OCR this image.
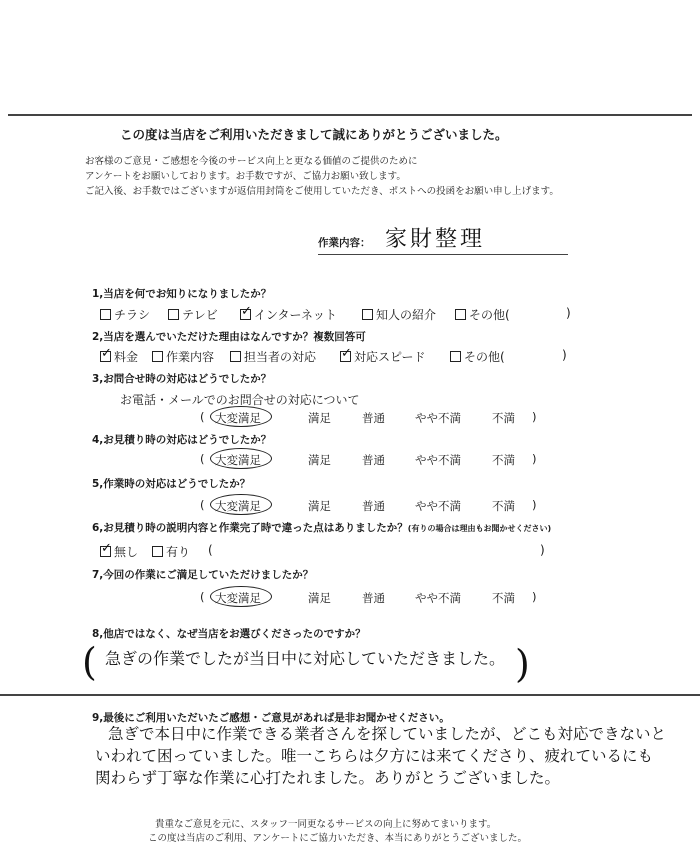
この度は当店をご利用いただきまして誠にありがとうございました。
お客様のご意見・ご感想を今後のサービス向上と更なる価値のご提供のために
アンケートをお願いしております。お手数ですが、ご協力お願い致します。
ご記入後、お手数ではございますが返信用封筒をご使用していただき、ポストへの投函をお願い申し上げます。
作業内容： 家財整理
1,当店を何でお知りになりましたか？
チラシ	テレビ ✓	インターネット	知人の紹介	その他(	)
2,当店を選んでいただけた理由はなんですか？複数回答可
✓料金	作業内容	担当者の対応 ✓	対応スピード	その他(	)
3,お問合せ時の対応はどうでしたか？
お電話・メールでのお問合せの対応について
( 大変満足	満足	普通	やや不満	不満 )
4,お見積り時の対応はどうでしたか？
( 大変満足	満足	普通	やや不満	不満 )
5,作業時の対応はどうでしたか？
( 大変満足	満足	普通	やや不満	不満 )
6,お見積り時の説明内容と作業完了時で違った点はありましたか？(有りの場合は理由もお聞かせください)
✓無し	有り (	)
7,今回の作業にご満足していただけましたか？
( 大変満足	満足	普通	やや不満	不満 )
8,他店ではなく、なぜ当店をお選びくださったのですか？
( 急ぎの作業でしたが当日中に対応していただきました。 )
9,最後にご利用いただいたご感想・ご意見があれば是非お聞かせください。
急ぎで本日中に作業できる業者さんを探していましたが、どこも対応できないと
いわれて困っていました。唯一こちらは夕方には来てくださり、疲れているにも
関わらず丁寧な作業に心打たれました。ありがとうございました。
貴重なご意見を元に、スタッフ一同更なるサービスの向上に努めてまいります。
この度は当店のご利用、アンケートにご協力いただき、本当にありがとうございました。
